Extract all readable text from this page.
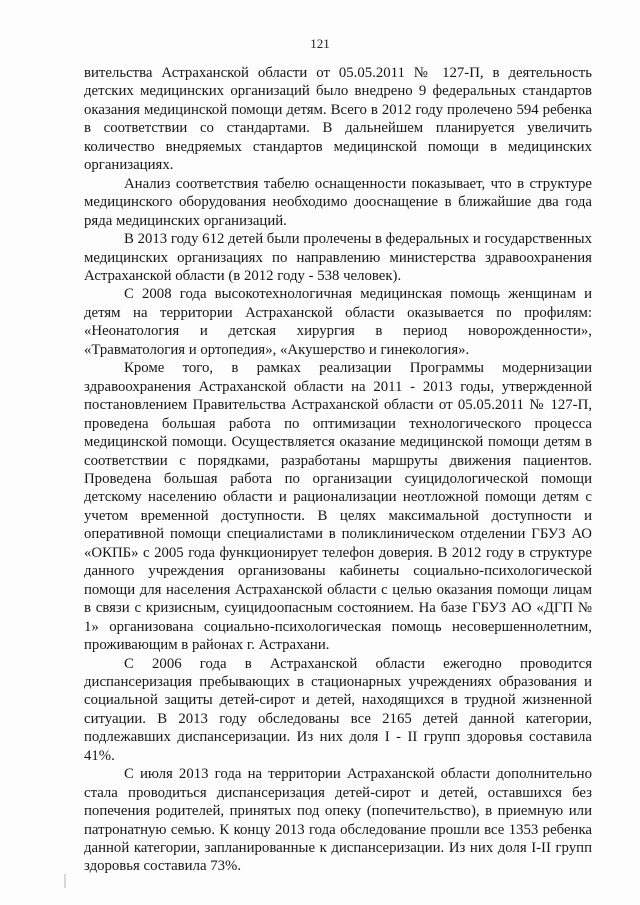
121

вительства Астраханской области от 05.05.2011 № 127-П, в деятельность детских медицинских организаций было внедрено 9 федеральных стандартов оказания медицинской помощи детям. Всего в 2012 году пролечено 594 ребенка в соответствии со стандартами. В дальнейшем планируется увеличить количество внедряемых стандартов медицинской помощи в медицинских организациях.

Анализ соответствия табелю оснащенности показывает, что в структуре медицинского оборудования необходимо дооснащение в ближайшие два года ряда медицинских организаций.

В 2013 году 612 детей были пролечены в федеральных и государственных медицинских организациях по направлению министерства здравоохранения Астраханской области (в 2012 году - 538 человек).

С 2008 года высокотехнологичная медицинская помощь женщинам и детям на территории Астраханской области оказывается по профилям: «Неонатология и детская хирургия в период новорожденности», «Травматология и ортопедия», «Акушерство и гинекология».

Кроме того, в рамках реализации Программы модернизации здравоохранения Астраханской области на 2011 - 2013 годы, утвержденной постановлением Правительства Астраханской области от 05.05.2011 № 127-П, проведена большая работа по оптимизации технологического процесса медицинской помощи. Осуществляется оказание медицинской помощи детям в соответствии с порядками, разработаны маршруты движения пациентов. Проведена большая работа по организации суицидологической помощи детскому населению области и рационализации неотложной помощи детям с учетом временной доступности. В целях максимальной доступности и оперативной помощи специалистами в поликлиническом отделении ГБУЗ АО «ОКПБ» с 2005 года функционирует телефон доверия. В 2012 году в структуре данного учреждения организованы кабинеты социально-психологической помощи для населения Астраханской области с целью оказания помощи лицам в связи с кризисным, суицидоопасным состоянием. На базе ГБУЗ АО «ДГП № 1» организована социально-психологическая помощь несовершеннолетним, проживающим в районах г. Астрахани.

С 2006 года в Астраханской области ежегодно проводится диспансеризация пребывающих в стационарных учреждениях образования и социальной защиты детей-сирот и детей, находящихся в трудной жизненной ситуации. В 2013 году обследованы все 2165 детей данной категории, подлежавших диспансеризации. Из них доля I - II групп здоровья составила 41%.

С июля 2013 года на территории Астраханской области дополнительно стала проводиться диспансеризация детей-сирот и детей, оставшихся без попечения родителей, принятых под опеку (попечительство), в приемную или патронатную семью. К концу 2013 года обследование прошли все 1353 ребенка данной категории, запланированные к диспансеризации. Из них доля I-II групп здоровья составила 73%.
